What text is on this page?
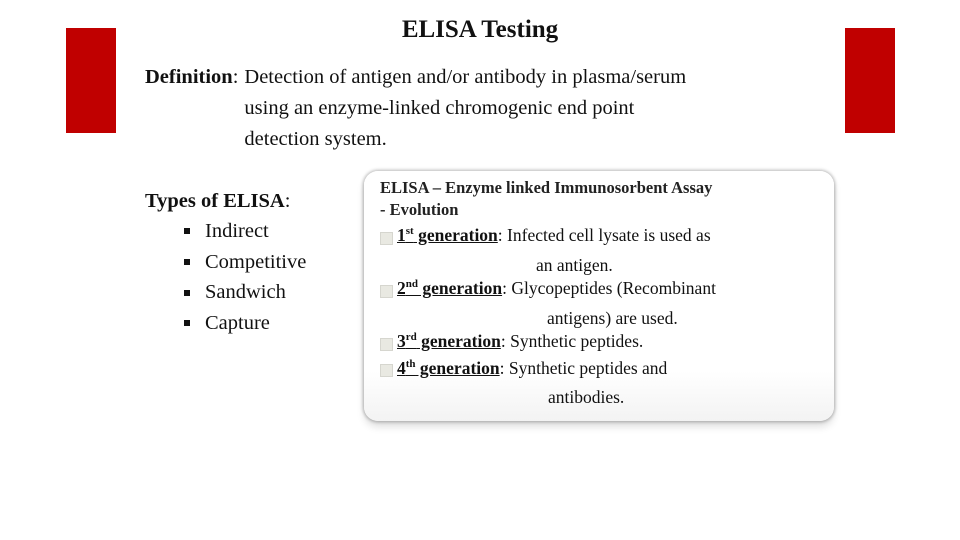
ELISA Testing
Definition: Detection of antigen and/or antibody in plasma/serum
using an enzyme-linked chromogenic end point
detection system.
Types of ELISA:
Indirect
Competitive
Sandwich
Capture
ELISA – Enzyme linked Immunosorbent Assay
- Evolution
1st generation : Infected cell lysate is used as
an antigen.
2nd generation : Glycopeptides (Recombinant
antigens) are used.
3rd generation : Synthetic peptides.
4th generation : Synthetic peptides and
antibodies.
